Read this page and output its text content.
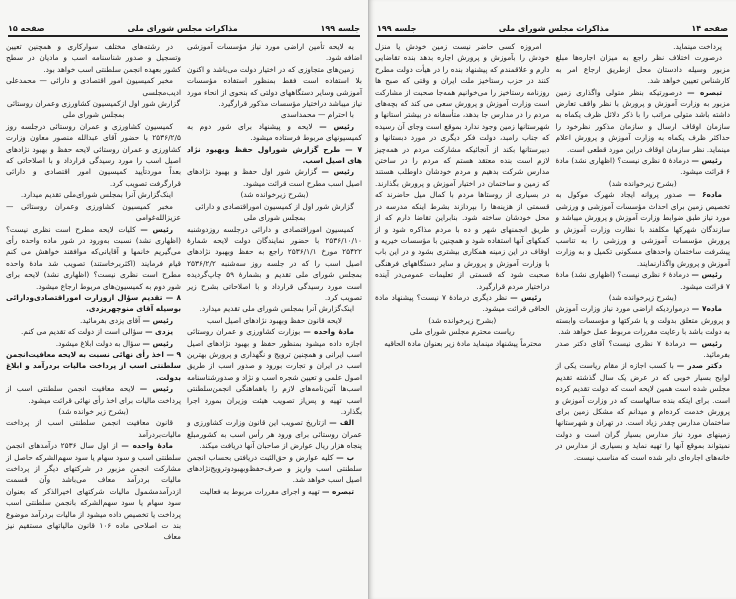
جلسه ۱۹۹
مذاکرات مجلس شورای ملی
صفحه ۱۵

به لایحه تأمین اراضی مورد نیاز مؤسسات آموزشی اضافه شود.

زمین‌های متجاوزی که در اختیار دولت می‌باشد و اکنون بلا استفاده است فقط بمنظور استفاده مؤسسات آموزشی وسایر دستگاههای دولتی که بنحوی از انحاء مورد نیاز میباشد دراختیار مؤسسات مذکور قرارگیرد.

با احترام — محمداسدی

رئیس — لایحه و پیشنهاد برای شور دوم به کمیسیونهای مربوط فرستاده میشود.

۷ — طرح گزارش شوراول حفظ وبهبود نژاد های اصیل اسب.

رئیس — گزارش شور اول حفظ و بهبود نژادهای اصیل اسب مطرح است قرائت میشود.

(بشرح زیرخوانده شد)

گزارش شور اول از کمیسیون اموراقتصادی و دارائی بمجلس شورای ملی

کمیسیون اموراقتصادی و دارائی درجلسه روزدوشنبه ۲۵۳۶/۱۰/۱۰ با حضور نمایندگان دولت لایحه شمارهٔ ۲۵۴۲۲ مورخ ۲۵۳۶/۱/۱ راجع به حفظ وبهبود نژادهای اصیل اسب را که در جلسه روز سه‌شنبه ۲۵۳۶/۲/۲ بمجلس شورای ملی تقدیم و بشمارهٔ ۵۹ چاپ‌گردیده است مورد رسیدگی قرارداد و با اصلاحاتی بشرح زیر تصویب کرد.

اینک‌گزارش آنرا بمجلس شورای ملی تقدیم میدارد.

لایحه قانون حفظ وبهبود نژادهای اصیل اسب

مادهٔ واحده — بوزارت کشاورزی و عمران روستائی اجازه داده میشود بمنظور حفظ و بهبود نژادهای اصیل اسب ایرانی و همچنین ترویج و نگهداری و پرورش بهترین اسب در ایران و تجارت بورود و صدور اسب از طریق اصول علمی و تعیین شجره اسب و نژاد و صدورشناسنامه اسب‌ها آئین‌نامه‌های لازم را باهماهنگی انجمن‌سلطنتی اسب تهیه و پس‌از تصویب هیئت وزیران بمورد اجرا بگذارد.

الف — ازتاریخ تصویب این قانون وزارت کشاورزی و عمران روستائی برای ورود هر رأس اسب به کشورمبلغ پنجاه هزار ریال عوارض از صاحبان آنها دریافت میکند.

ب — کلیه عوارض و حق‌الثبت دریافتی بحساب انجمن سلطنتی اسب واریز و صرف‌حفظ‌وبهبود‌وترویج‌نژادهای اصیل اسب خواهد شد.

تبصره — تهیه و اجرای مقررات مربوط به فعالیت

در رشته‌های مختلف سوارکاری و همچنین تعیین وتسجیل و صدور شناسنامه اسب و مادیان در سطح کشور بعهده انجمن سلطنتی اسب خواهد بود.

مخبر کمیسیون امور اقتصادی و دارائی — محمدعلی ادیب‌مجلسی

گزارش شور اول ازکمیسیون کشاورزی وعمران روستائی بمجلس شورای ملی

کمیسیون کشاورزی و عمران روستائی درجلسه روز ۲۵۳۶/۲/۵ با حضور آقای عبدالله منصور معاون وزارت کشاورزی و عمران روستائی لایحه حفظ و بهبود نژادهای اصیل اسب را مورد رسیدگی قرارداد و با اصلاحاتی که بعداً موردتأیید کمیسیون امور اقتصادی و دارائی قرارگرفت تصویب کرد.

اینک‌گزارش آنرا بمجلس شورای‌ملی تقدیم میدارد.

مخبر کمیسیون کشاورزی وعمران روستائی — عزیزالله‌غوامی

رئیس — کلیات لایحه مطرح است نظری نیست؟ (اظهاری نشد) نسبت به‌ورود در شور ماده واحده رأی می‌گیریم خانمها و آقایانی‌که موافقند خواهش می کنم قیام فرمایند (اکثربرخاستند) تصویب شد مادهٔ واحده مطرح است نظری نیست؟ (اظهاری نشد) لایحه برای شور دوم به کمیسیون‌های مربوط ارجاع میشود.

۸ — تقدیم سؤال ازوزارت اموراقتصادی‌ودارائی بوسیله آقای منوچهریزدی.

رئیس — آقای یزدی بفرمائید.

یزدی — سؤالی است از دولت که تقدیم می کنم.

رئیس — سؤال به دولت ابلاغ میشود.

۹ — اخذ رأی نهائی نسبت به لایحه معافیت‌انجمن سلطنتی اسب از پرداخت مالیات بردرآمد و ابلاغ بدولت.

رئیس — لایحه معافیت انجمن سلطنتی اسب از پرداخت مالیات برای اخذ رأی نهائی قرائت میشود.

(بشرح زیر خوانده شد)

قانون معافیت انجمن سلطنتی اسب از پرداخت مالیات‌بردرآمد

مادهٔ واحده — از اول سال ۲۵۳۶ درآمدهای انجمن سلطنتی اسب و سود سهام یا سود سهم‌الشرکه حاصل از مشارکت انجمن مزبور در شرکتهای دیگر از پرداخت مالیات بردرآمد معاف می‌باشد وآن قسمت ازدرآمدمشمول مالیات شرکتهای اخیرالذکر که بعنوان سود سهام یا سود سهم‌الشرکه بانجمن سلطنتی اسب پرداخت یا تخصیص داده میشود از مالیات بردرآمد موضوع بند ت اصلاحی ماده ۱۰۶ قانون مالیاتهای مستقیم نیز معاف

صفحه ۱۴
مذاکرات مجلس شورای ملی
جلسه ۱۹۹

پرداخت مینماید.

درصورت اختلاف نظر راجع به میزان اجاره‌ها مبلغ مزبور وسیله دادستان محل ازطریق ارجاع امر به کارشناس تعیین خواهد شد.

تبصره — درصورتیکه بنظر متولی واگذاری زمین مزبور به وزارت آموزش و پرورش با نظر واقف تعارض داشته باشد متولی مراتب را با ذکر دلائل ظرف یکماه به سازمان اوقاف ارسال و سازمان مذکور نظرخود را حداکثر ظرف یکماه به وزارت آموزش و پرورش اعلام مینماید. نظر سازمان اوقاف دراین مورد قطعی است.

رئیس — درمادهٔ ۵ نظری نیست؟ (اظهاری نشد) مادهٔ ۶ قرائت میشود.

(بشرح زیرخوانده شد)

ماده۶ — صدور پروانه ایجاد شهرک موکول به تخصیص زمین برای احداث مؤسسات آموزشی و ورزشی مورد نیاز طبق ضوابط وزارت آموزش و پرورش میباشد و سازندگان شهرکها مکلفند با نظارت وزارت آموزش و پرورش مؤسسات آموزشی و ورزشی را به تناسب پیشرفت ساختمان واحدهای مسکونی تکمیل و به وزارت آموزش و پرورش واگذارنمایند.

رئیس — درمادهٔ ۶ نظری نیست؟ (اظهاری نشد) مادهٔ ۷ قرائت میشود.

(بشرح زیرخوانده شد)

ماده۷ — درمواردیکه اراضی مورد نیاز وزارت آموزش و پرورش متعلق بدولت و یا شرکتها و مؤسسات وابسته به دولت باشد با رعایت مقررات مربوط عمل خواهد شد.

رئیس — درمادهٔ ۷ نظری نیست؟ آقای دکتر صدر بفرمائید.

دکتر صدر — با کسب اجازه از مقام ریاست یکی از لوایح بسیار خوبی که در عرض یک سال گذشته تقدیم مجلس شده است همین لایحه است که دولت تقدیم کرده است. برای اینکه بنده سالهاست که در وزارت آموزش و پرورش خدمت کرده‌ام و میدانم که مشکل زمین برای ساختمان مدارس چقدر زیاد است. در تهران و شهرستانها زمینهای مورد نیاز مدارس بسیار گران است و دولت نمیتواند بموقع آنها را تهیه نماید و بسیاری از مدارس در خانه‌های اجاره‌ای دایر شده است که مناسب نیست.

امروزه کسی حاضر نیست زمین خودش یا منزل خودش را بآموزش و پرورش اجاره بدهد بنده تقاضایی دارم و علاقمندم که پیشنهاد بنده را در هیأت دولت مطرح کنند در حزب رستاخیز ملت ایران و وقتی که صبح ها روزنامه رستاخیز را می‌خوانیم همه‌جا صحبت از مشارکت است وزارت آموزش و پرورش سعی می کند که بچه‌های مردم را در مدارس جا بدهد، متأسفانه در بیشتر استانها و شهرستانها زمین وجود ندارد بموقع است وجای آن رسیده که جناب رامبد، دولت فکر دیگری در مورد دبستانها و دبیرستانها بکند از آنجائیکه مشارکت مردم در همه‌چیز لازم است بنده معتقد هستم که مردم را در ساختن مدارس شرکت بدهیم و مردم خودشان داوطلب هستند که زمین و ساختمان در اختیار آموزش و پرورش بگذارند. در بسیاری از روستاها مردم با کمال میل حاضرند که قسمتی از هزینه‌ها را بپردازند بشرط اینکه مدرسه در محل خودشان ساخته شود. بنابراین تقاضا دارم که از طریق انجمنهای شهر و ده با مردم مذاکره شود و از کمکهای آنها استفاده شود و همچنین با مؤسسات خیریه و اوقاف در این زمینه همکاری بیشتری بشود و در این باب با وزارت آموزش و پرورش و سایر دستگاههای فرهنگی صحبت شود که قسمتی از تعلیمات عمومی‌در آینده دراختیار مردم قرارگیرد.

رئیس — نظر دیگری درمادهٔ ۷ نیست؟ پیشنهاد مادة الحاقی قرائت میشود.

(بشرح زیرخوانده شد)

ریاست محترم مجلس شورای ملی

محترماً پیشنهاد مینماید مادهٔ زیر بعنوان مادة الحاقیه
